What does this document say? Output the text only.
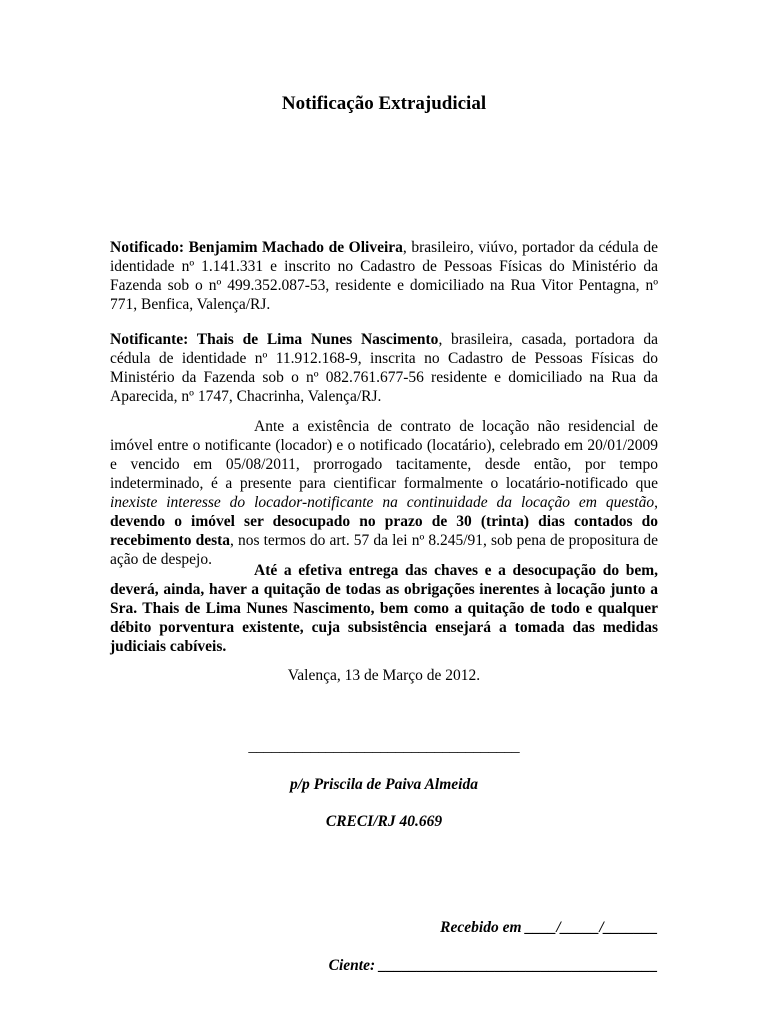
Notificação Extrajudicial

Notificado: Benjamim Machado de Oliveira, brasileiro, viúvo, portador da cédula de identidade nº 1.141.331 e inscrito no Cadastro de Pessoas Físicas do Ministério da Fazenda sob o nº 499.352.087-53, residente e domiciliado na Rua Vitor Pentagna, nº 771, Benfica, Valença/RJ.

Notificante: Thais de Lima Nunes Nascimento, brasileira, casada, portadora da cédula de identidade nº 11.912.168-9, inscrita no Cadastro de Pessoas Físicas do Ministério da Fazenda sob o nº 082.761.677-56 residente e domiciliado na Rua da Aparecida, nº 1747, Chacrinha, Valença/RJ.

Ante a existência de contrato de locação não residencial de imóvel entre o notificante (locador) e o notificado (locatário), celebrado em 20/01/2009 e vencido em 05/08/2011, prorrogado tacitamente, desde então, por tempo indeterminado, é a presente para cientificar formalmente o locatário-notificado que inexiste interesse do locador-notificante na continuidade da locação em questão, devendo o imóvel ser desocupado no prazo de 30 (trinta) dias contados do recebimento desta, nos termos do art. 57 da lei nº 8.245/91, sob pena de propositura de ação de despejo.

Até a efetiva entrega das chaves e a desocupação do bem, deverá, ainda, haver a quitação de todas as obrigações inerentes à locação junto a Sra. Thais de Lima Nunes Nascimento, bem como a quitação de todo e qualquer débito porventura existente, cuja subsistência ensejará a tomada das medidas judiciais cabíveis.

Valença, 13 de Março de 2012.
___________________________________
p/p Priscila de Paiva Almeida
CRECI/RJ 40.669
Recebido em ____/_____/_______
Ciente: ____________________________________
